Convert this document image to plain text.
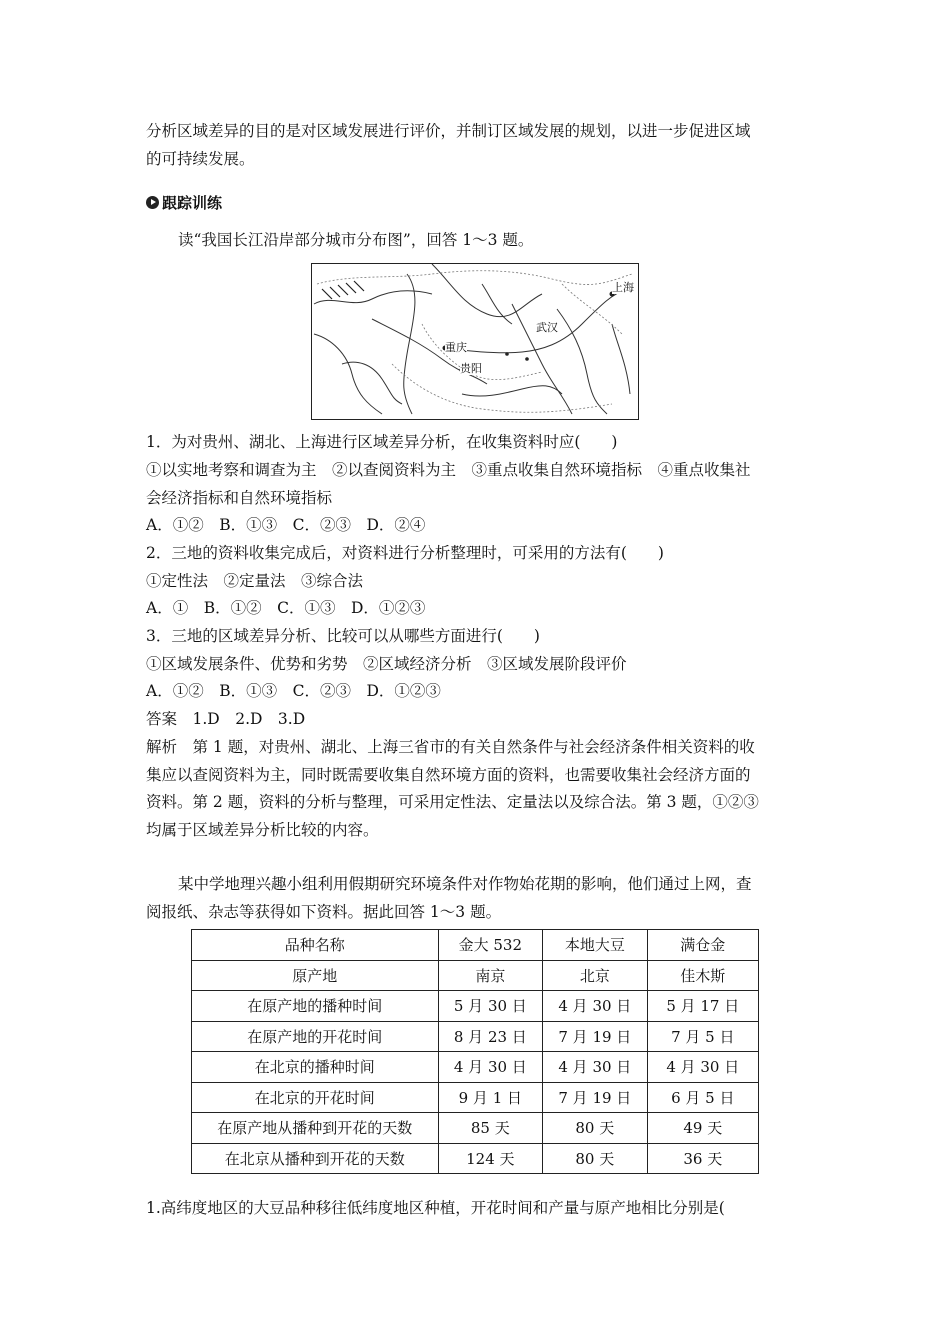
分析区域差异的目的是对区域发展进行评价，并制订区域发展的规划，以进一步促进区域
的可持续发展。
跟踪训练
读“我国长江沿岸部分城市分布图”，回答 1～3 题。
上海
武汉
重庆
贵阳
1．为对贵州、湖北、上海进行区域差异分析，在收集资料时应(　　)
①以实地考察和调查为主　②以查阅资料为主　③重点收集自然环境指标　④重点收集社
会经济指标和自然环境指标
A．①②　B．①③　C．②③　D．②④
2．三地的资料收集完成后，对资料进行分析整理时，可采用的方法有(　　)
①定性法　②定量法　③综合法
A．①　B．①②　C．①③　D．①②③
3．三地的区域差异分析、比较可以从哪些方面进行(　　)
①区域发展条件、优势和劣势　②区域经济分析　③区域发展阶段评价
A．①②　B．①③　C．②③　D．①②③
答案　1.D　2.D　3.D
解析　第 1 题，对贵州、湖北、上海三省市的有关自然条件与社会经济条件相关资料的收
集应以查阅资料为主，同时既需要收集自然环境方面的资料，也需要收集社会经济方面的
资料。第 2 题，资料的分析与整理，可采用定性法、定量法以及综合法。第 3 题，①②③
均属于区域差异分析比较的内容。
某中学地理兴趣小组利用假期研究环境条件对作物始花期的影响，他们通过上网，查
阅报纸、杂志等获得如下资料。据此回答 1～3 题。
品种名称	金大 532	本地大豆	满仓金
原产地	南京	北京	佳木斯
在原产地的播种时间	5 月 30 日	4 月 30 日	5 月 17 日
在原产地的开花时间	8 月 23 日	7 月 19 日	7 月 5 日
在北京的播种时间	4 月 30 日	4 月 30 日	4 月 30 日
在北京的开花时间	9 月 1 日	7 月 19 日	6 月 5 日
在原产地从播种到开花的天数	85 天	80 天	49 天
在北京从播种到开花的天数	124 天	80 天	36 天
1.高纬度地区的大豆品种移往低纬度地区种植，开花时间和产量与原产地相比分别是(
